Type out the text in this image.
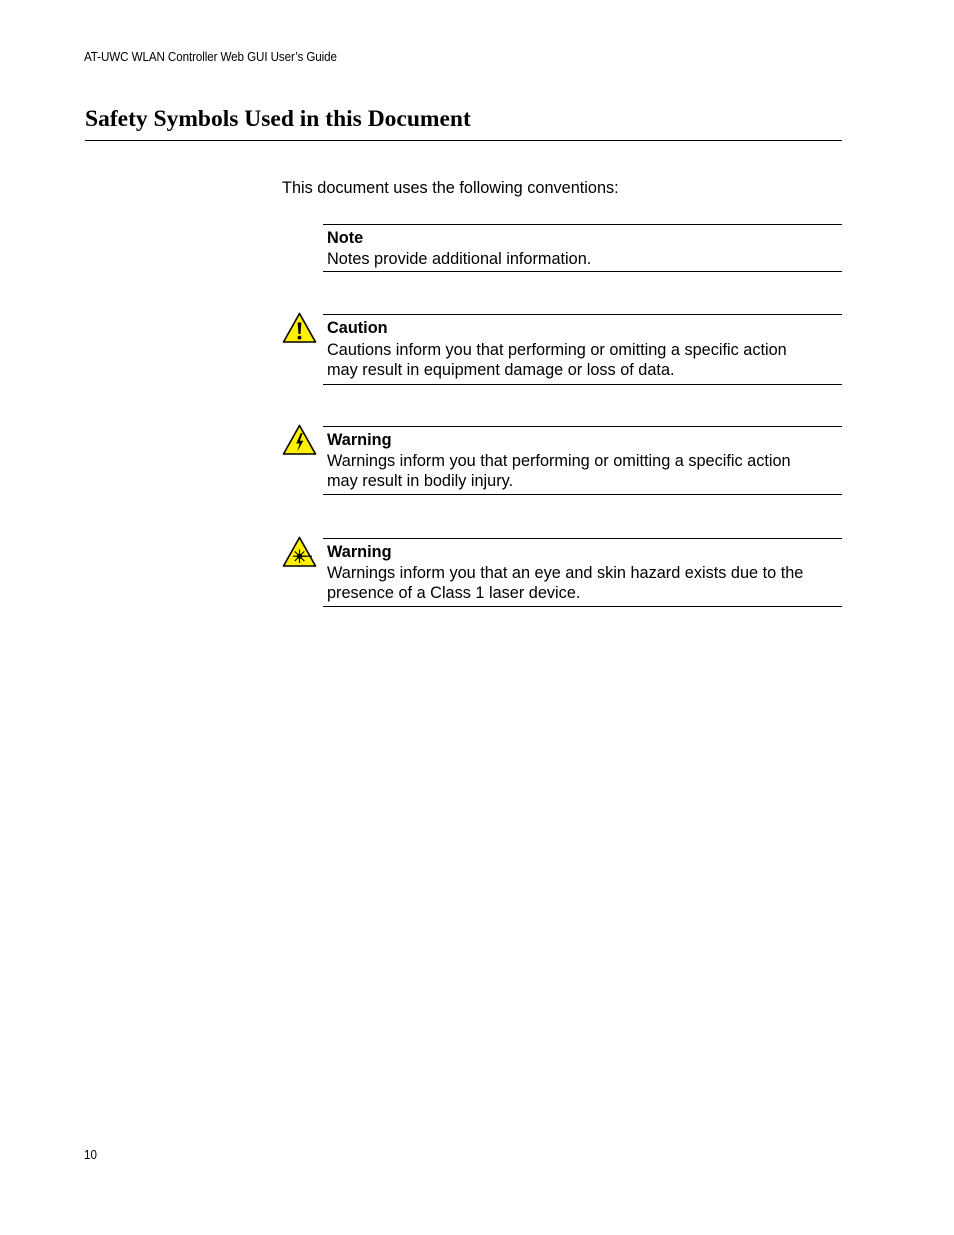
AT-UWC WLAN Controller Web GUI User’s Guide
Safety Symbols Used in this Document
This document uses the following conventions:
Note
Notes provide additional information.
Caution
Cautions inform you that performing or omitting a specific action
may result in equipment damage or loss of data.
Warning
Warnings inform you that performing or omitting a specific action
may result in bodily injury.
Warning
Warnings inform you that an eye and skin hazard exists due to the
presence of a Class 1 laser device.
10
